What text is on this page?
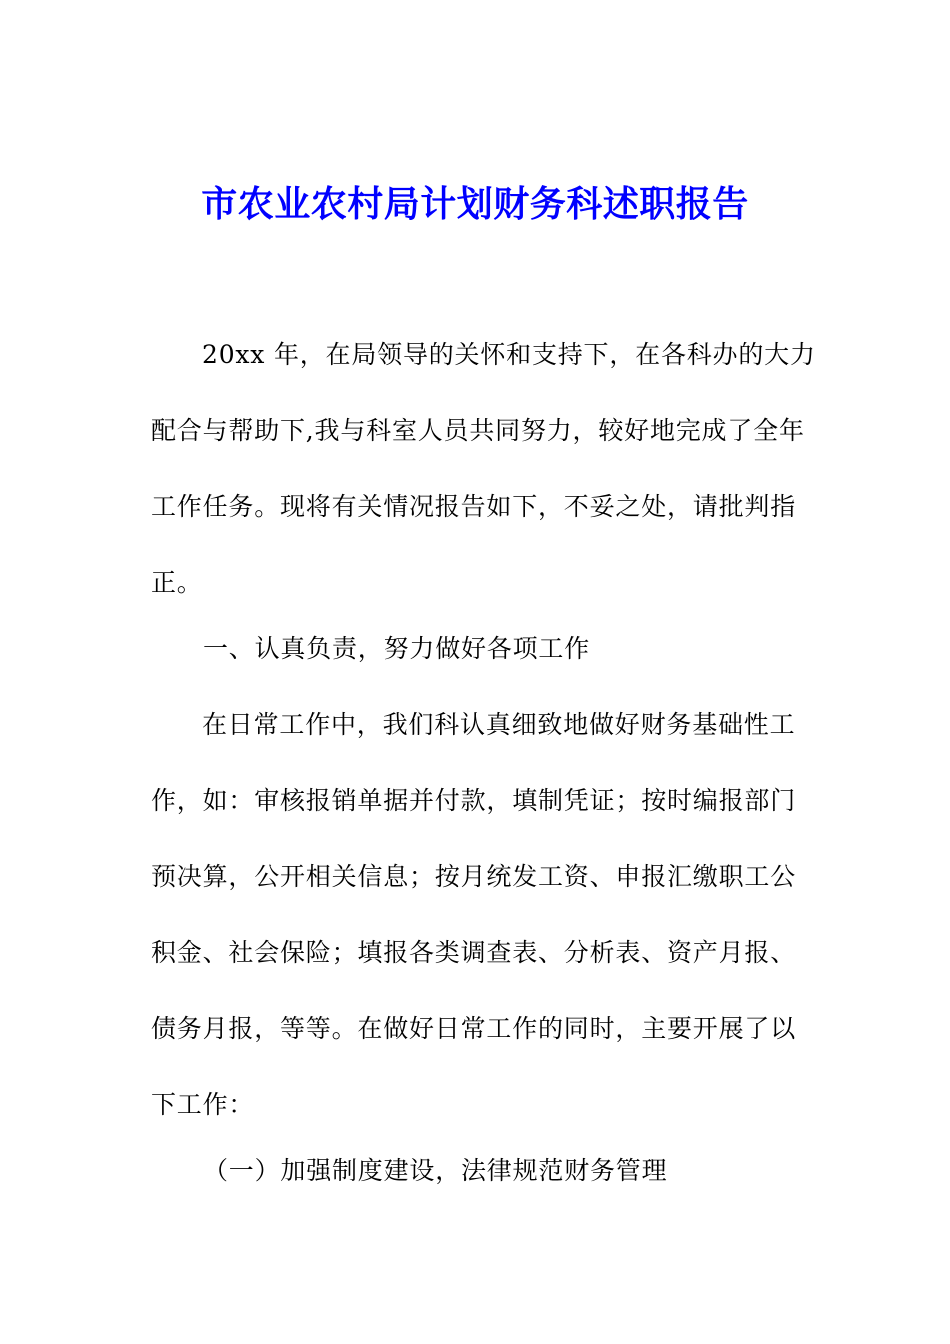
市农业农村局计划财务科述职报告
20xx 年，在局领导的关怀和支持下，在各科办的大力
配合与帮助下,我与科室人员共同努力，较好地完成了全年
工作任务。现将有关情况报告如下，不妥之处，请批判指
正。
一、认真负责，努力做好各项工作
在日常工作中，我们科认真细致地做好财务基础性工
作，如：审核报销单据并付款，填制凭证；按时编报部门
预决算，公开相关信息；按月统发工资、申报汇缴职工公
积金、社会保险；填报各类调查表、分析表、资产月报、
债务月报，等等。在做好日常工作的同时，主要开展了以
下工作：
（一）加强制度建设，法律规范财务管理
